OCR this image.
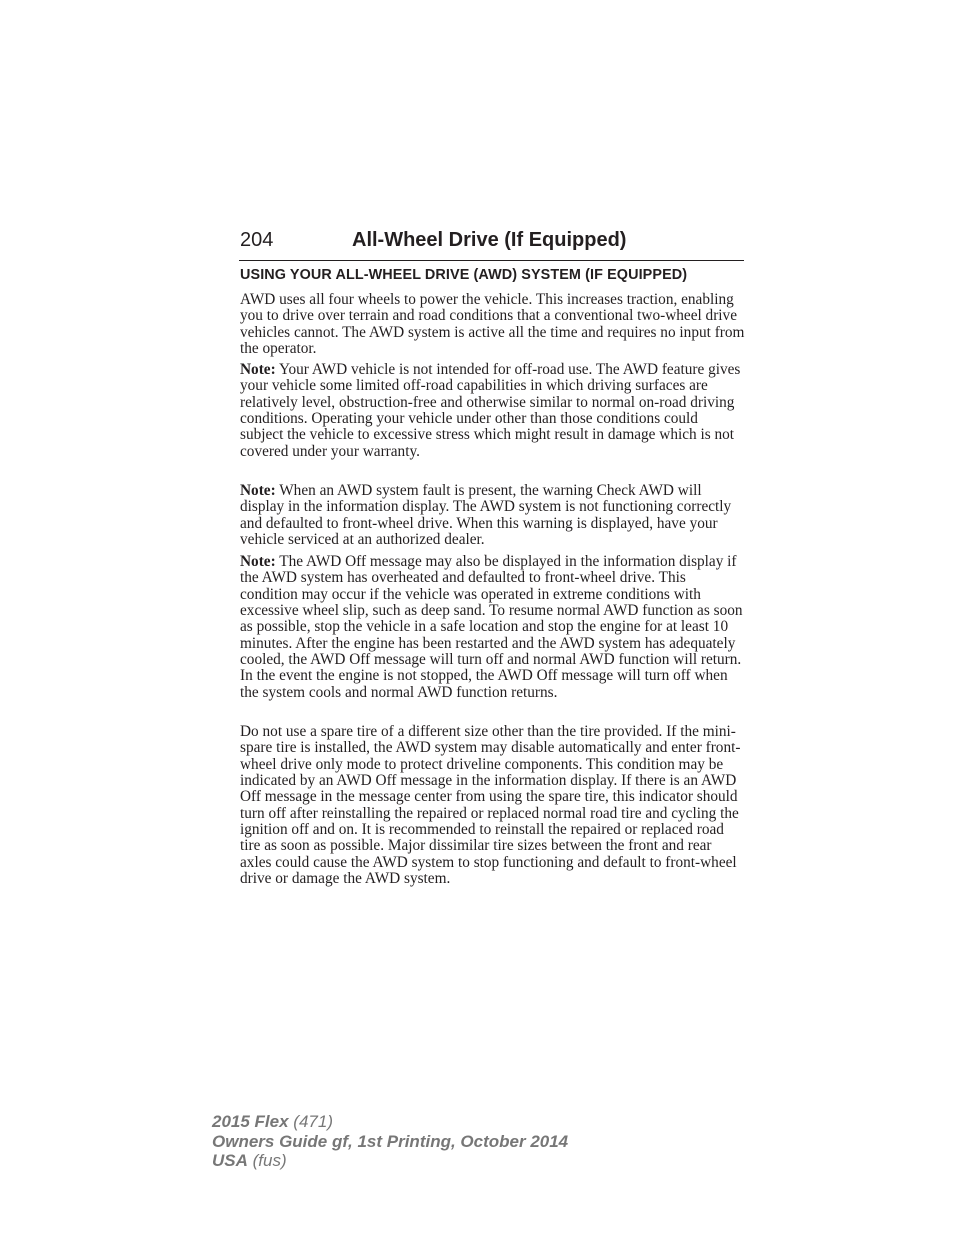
204	All-Wheel Drive (If Equipped)
USING YOUR ALL-WHEEL DRIVE (AWD) SYSTEM (IF EQUIPPED)

AWD uses all four wheels to power the vehicle. This increases traction, enabling you to drive over terrain and road conditions that a conventional two-wheel drive vehicles cannot. The AWD system is active all the time and requires no input from the operator.

Note: Your AWD vehicle is not intended for off-road use. The AWD feature gives your vehicle some limited off-road capabilities in which driving surfaces are relatively level, obstruction-free and otherwise similar to normal on-road driving conditions. Operating your vehicle under other than those conditions could subject the vehicle to excessive stress which might result in damage which is not covered under your warranty.

Note: When an AWD system fault is present, the warning Check AWD will display in the information display. The AWD system is not functioning correctly and defaulted to front-wheel drive. When this warning is displayed, have your vehicle serviced at an authorized dealer.

Note: The AWD Off message may also be displayed in the information display if the AWD system has overheated and defaulted to front-wheel drive. This condition may occur if the vehicle was operated in extreme conditions with excessive wheel slip, such as deep sand. To resume normal AWD function as soon as possible, stop the vehicle in a safe location and stop the engine for at least 10 minutes. After the engine has been restarted and the AWD system has adequately cooled, the AWD Off message will turn off and normal AWD function will return. In the event the engine is not stopped, the AWD Off message will turn off when the system cools and normal AWD function returns.

Do not use a spare tire of a different size other than the tire provided. If the mini-spare tire is installed, the AWD system may disable automatically and enter front-wheel drive only mode to protect driveline components. This condition may be indicated by an AWD Off message in the information display. If there is an AWD Off message in the message center from using the spare tire, this indicator should turn off after reinstalling the repaired or replaced normal road tire and cycling the ignition off and on. It is recommended to reinstall the repaired or replaced road tire as soon as possible. Major dissimilar tire sizes between the front and rear axles could cause the AWD system to stop functioning and default to front-wheel drive or damage the AWD system.

2015 Flex (471)
Owners Guide gf, 1st Printing, October 2014
USA (fus)
